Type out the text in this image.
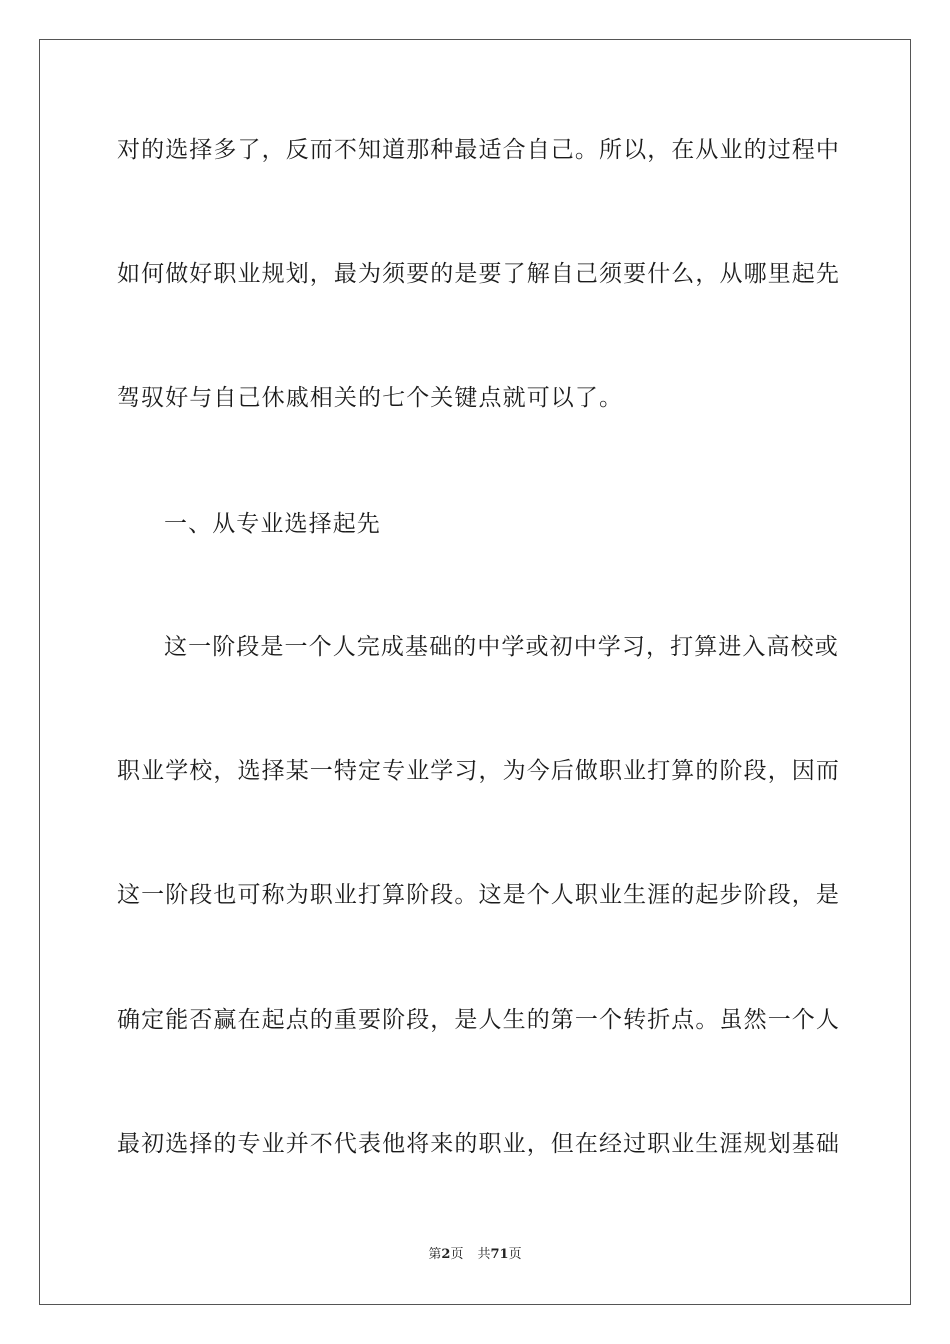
对的选择多了，反而不知道那种最适合自己。所以，在从业的过程中
如何做好职业规划，最为须要的是要了解自己须要什么，从哪里起先
驾驭好与自己休戚相关的七个关键点就可以了。
一、从专业选择起先
这一阶段是一个人完成基础的中学或初中学习，打算进入高校或
职业学校，选择某一特定专业学习，为今后做职业打算的阶段，因而
这一阶段也可称为职业打算阶段。这是个人职业生涯的起步阶段，是
确定能否赢在起点的重要阶段，是人生的第一个转折点。虽然一个人
最初选择的专业并不代表他将来的职业，但在经过职业生涯规划基础
第2页 共71页
